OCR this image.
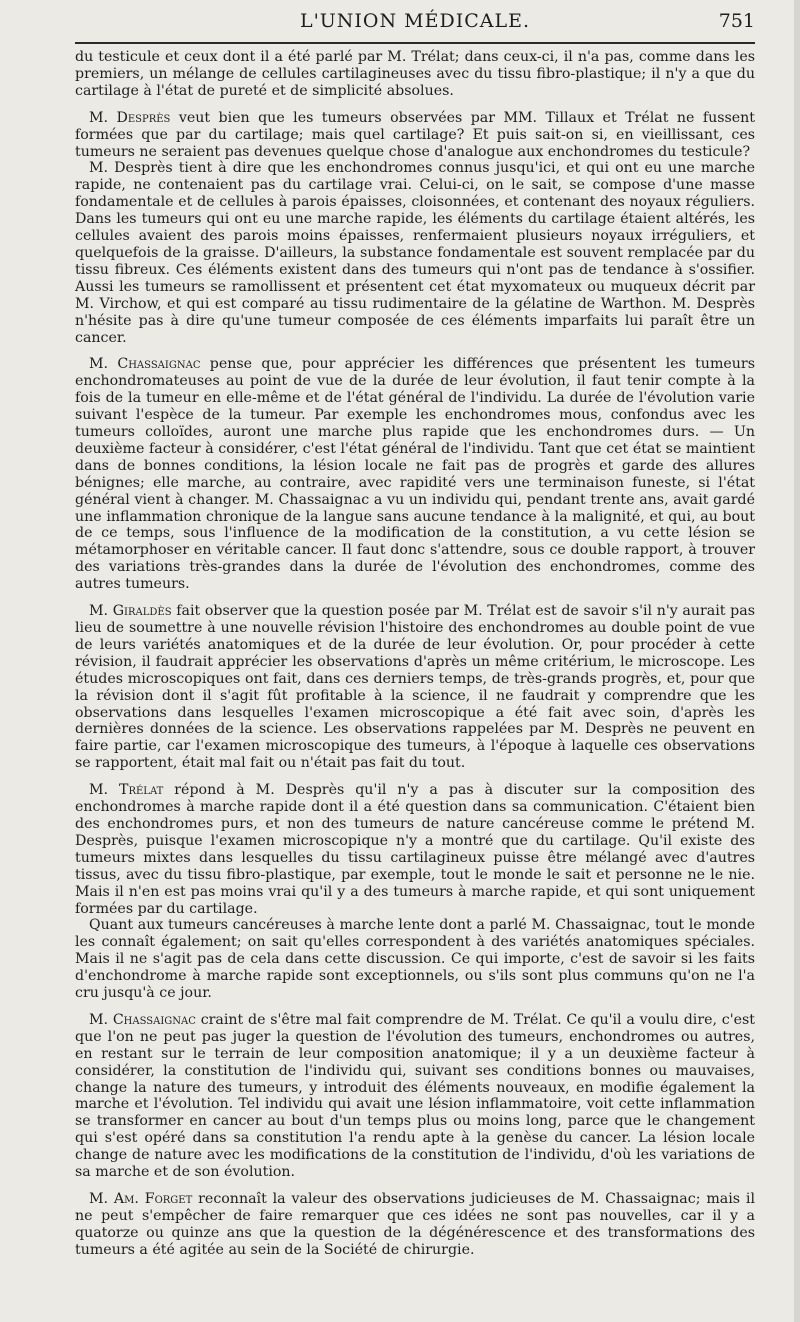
L'UNION MÉDICALE.	751

du testicule et ceux dont il a été parlé par M. Trélat; dans ceux-ci, il n'a pas, comme dans les premiers, un mélange de cellules cartilagineuses avec du tissu fibro-plastique; il n'y a que du cartilage à l'état de pureté et de simplicité absolues.

M. Desprès veut bien que les tumeurs observées par MM. Tillaux et Trélat ne fussent formées que par du cartilage; mais quel cartilage? Et puis sait-on si, en vieillissant, ces tumeurs ne seraient pas devenues quelque chose d'analogue aux enchondromes du testicule?

M. Desprès tient à dire que les enchondromes connus jusqu'ici, et qui ont eu une marche rapide, ne contenaient pas du cartilage vrai. Celui-ci, on le sait, se compose d'une masse fondamentale et de cellules à parois épaisses, cloisonnées, et contenant des noyaux réguliers. Dans les tumeurs qui ont eu une marche rapide, les éléments du cartilage étaient altérés, les cellules avaient des parois moins épaisses, renfermaient plusieurs noyaux irréguliers, et quelquefois de la graisse. D'ailleurs, la substance fondamentale est souvent remplacée par du tissu fibreux. Ces éléments existent dans des tumeurs qui n'ont pas de tendance à s'ossifier. Aussi les tumeurs se ramollissent et présentent cet état myxomateux ou muqueux décrit par M. Virchow, et qui est comparé au tissu rudimentaire de la gélatine de Warthon. M. Desprès n'hésite pas à dire qu'une tumeur composée de ces éléments imparfaits lui paraît être un cancer.

M. Chassaignac pense que, pour apprécier les différences que présentent les tumeurs enchondromateuses au point de vue de la durée de leur évolution, il faut tenir compte à la fois de la tumeur en elle-même et de l'état général de l'individu. La durée de l'évolution varie suivant l'espèce de la tumeur. Par exemple les enchondromes mous, confondus avec les tumeurs colloïdes, auront une marche plus rapide que les enchondromes durs. — Un deuxième facteur à considérer, c'est l'état général de l'individu. Tant que cet état se maintient dans de bonnes conditions, la lésion locale ne fait pas de progrès et garde des allures bénignes; elle marche, au contraire, avec rapidité vers une terminaison funeste, si l'état général vient à changer. M. Chassaignac a vu un individu qui, pendant trente ans, avait gardé une inflammation chronique de la langue sans aucune tendance à la malignité, et qui, au bout de ce temps, sous l'influence de la modification de la constitution, a vu cette lésion se métamorphoser en véritable cancer. Il faut donc s'attendre, sous ce double rapport, à trouver des variations très-grandes dans la durée de l'évolution des enchondromes, comme des autres tumeurs.

M. Giraldès fait observer que la question posée par M. Trélat est de savoir s'il n'y aurait pas lieu de soumettre à une nouvelle révision l'histoire des enchondromes au double point de vue de leurs variétés anatomiques et de la durée de leur évolution. Or, pour procéder à cette révision, il faudrait apprécier les observations d'après un même critérium, le microscope. Les études microscopiques ont fait, dans ces derniers temps, de très-grands progrès, et, pour que la révision dont il s'agit fût profitable à la science, il ne faudrait y comprendre que les observations dans lesquelles l'examen microscopique a été fait avec soin, d'après les dernières données de la science. Les observations rappelées par M. Desprès ne peuvent en faire partie, car l'examen microscopique des tumeurs, à l'époque à laquelle ces observations se rapportent, était mal fait ou n'était pas fait du tout.

M. Trélat répond à M. Desprès qu'il n'y a pas à discuter sur la composition des enchondromes à marche rapide dont il a été question dans sa communication. C'étaient bien des enchondromes purs, et non des tumeurs de nature cancéreuse comme le prétend M. Desprès, puisque l'examen microscopique n'y a montré que du cartilage. Qu'il existe des tumeurs mixtes dans lesquelles du tissu cartilagineux puisse être mélangé avec d'autres tissus, avec du tissu fibro-plastique, par exemple, tout le monde le sait et personne ne le nie. Mais il n'en est pas moins vrai qu'il y a des tumeurs à marche rapide, et qui sont uniquement formées par du cartilage.

Quant aux tumeurs cancéreuses à marche lente dont a parlé M. Chassaignac, tout le monde les connaît également; on sait qu'elles correspondent à des variétés anatomiques spéciales. Mais il ne s'agit pas de cela dans cette discussion. Ce qui importe, c'est de savoir si les faits d'enchondrome à marche rapide sont exceptionnels, ou s'ils sont plus communs qu'on ne l'a cru jusqu'à ce jour.

M. Chassaignac craint de s'être mal fait comprendre de M. Trélat. Ce qu'il a voulu dire, c'est que l'on ne peut pas juger la question de l'évolution des tumeurs, enchondromes ou autres, en restant sur le terrain de leur composition anatomique; il y a un deuxième facteur à considérer, la constitution de l'individu qui, suivant ses conditions bonnes ou mauvaises, change la nature des tumeurs, y introduit des éléments nouveaux, en modifie également la marche et l'évolution. Tel individu qui avait une lésion inflammatoire, voit cette inflammation se transformer en cancer au bout d'un temps plus ou moins long, parce que le changement qui s'est opéré dans sa constitution l'a rendu apte à la genèse du cancer. La lésion locale change de nature avec les modifications de la constitution de l'individu, d'où les variations de sa marche et de son évolution.

M. Am. Forget reconnaît la valeur des observations judicieuses de M. Chassaignac; mais il ne peut s'empêcher de faire remarquer que ces idées ne sont pas nouvelles, car il y a quatorze ou quinze ans que la question de la dégénérescence et des transformations des tumeurs a été agitée au sein de la Société de chirurgie.
